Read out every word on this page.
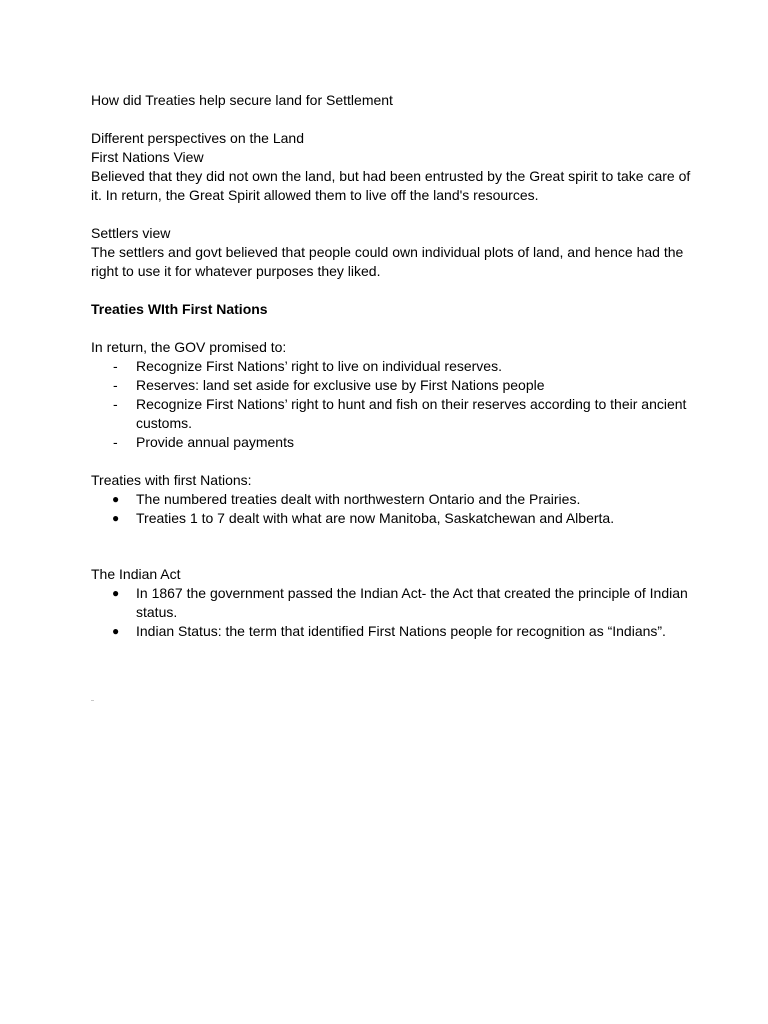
How did Treaties help secure land for Settlement
Different perspectives on the Land
First Nations View
Believed that they did not own the land, but had been entrusted by the Great spirit to take care of it. In return, the Great Spirit allowed them to live off the land's resources.
Settlers view
The settlers and govt believed that people could own individual plots of land, and hence had the right to use it for whatever purposes they liked.
Treaties WIth First Nations
In return, the GOV promised to:
- Recognize First Nations’ right to live on individual reserves.
- Reserves: land set aside for exclusive use by First Nations people
- Recognize First Nations’ right to hunt and fish on their reserves according to their ancient customs.
- Provide annual payments
Treaties with first Nations:
● The numbered treaties dealt with northwestern Ontario and the Prairies.
● Treaties 1 to 7 dealt with what are now Manitoba, Saskatchewan and Alberta.
The Indian Act
● In 1867 the government passed the Indian Act- the Act that created the principle of Indian status.
● Indian Status: the term that identified First Nations people for recognition as “Indians”.
